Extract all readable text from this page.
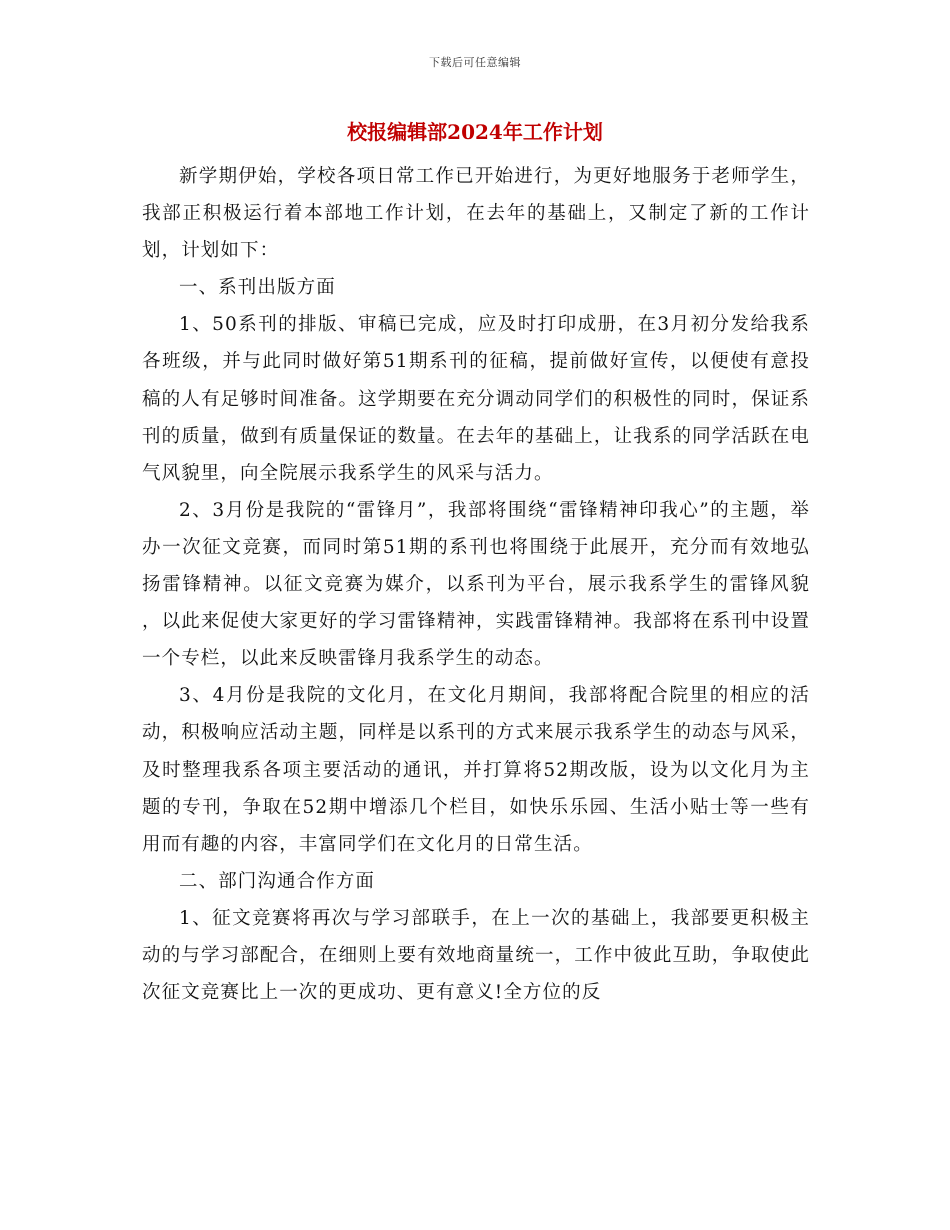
下载后可任意编辑
校报编辑部2024年工作计划

新学期伊始，学校各项日常工作已开始进行，为更好地服务于老师学生，我部正积极运行着本部地工作计划，在去年的基础上，又制定了新的工作计划，计划如下：

一、系刊出版方面

1、50系刊的排版、审稿已完成，应及时打印成册，在3月初分发给我系各班级，并与此同时做好第51期系刊的征稿，提前做好宣传，以便使有意投稿的人有足够时间准备。这学期要在充分调动同学们的积极性的同时，保证系刊的质量，做到有质量保证的数量。在去年的基础上，让我系的同学活跃在电气风貌里，向全院展示我系学生的风采与活力。

2、3月份是我院的“雷锋月”，我部将围绕“雷锋精神印我心”的主题，举办一次征文竞赛，而同时第51期的系刊也将围绕于此展开，充分而有效地弘扬雷锋精神。以征文竞赛为媒介，以系刊为平台，展示我系学生的雷锋风貌 ，以此来促使大家更好的学习雷锋精神，实践雷锋精神。我部将在系刊中设置一个专栏，以此来反映雷锋月我系学生的动态。

3、4月份是我院的文化月，在文化月期间，我部将配合院里的相应的活动，积极响应活动主题，同样是以系刊的方式来展示我系学生的动态与风采，及时整理我系各项主要活动的通讯，并打算将52期改版，设为以文化月为主题的专刊，争取在52期中增添几个栏目，如快乐乐园、生活小贴士等一些有用而有趣的内容，丰富同学们在文化月的日常生活。

二、部门沟通合作方面

1、征文竞赛将再次与学习部联手，在上一次的基础上，我部要更积极主动的与学习部配合，在细则上要有效地商量统一，工作中彼此互助，争取使此次征文竞赛比上一次的更成功、更有意义!全方位的反
